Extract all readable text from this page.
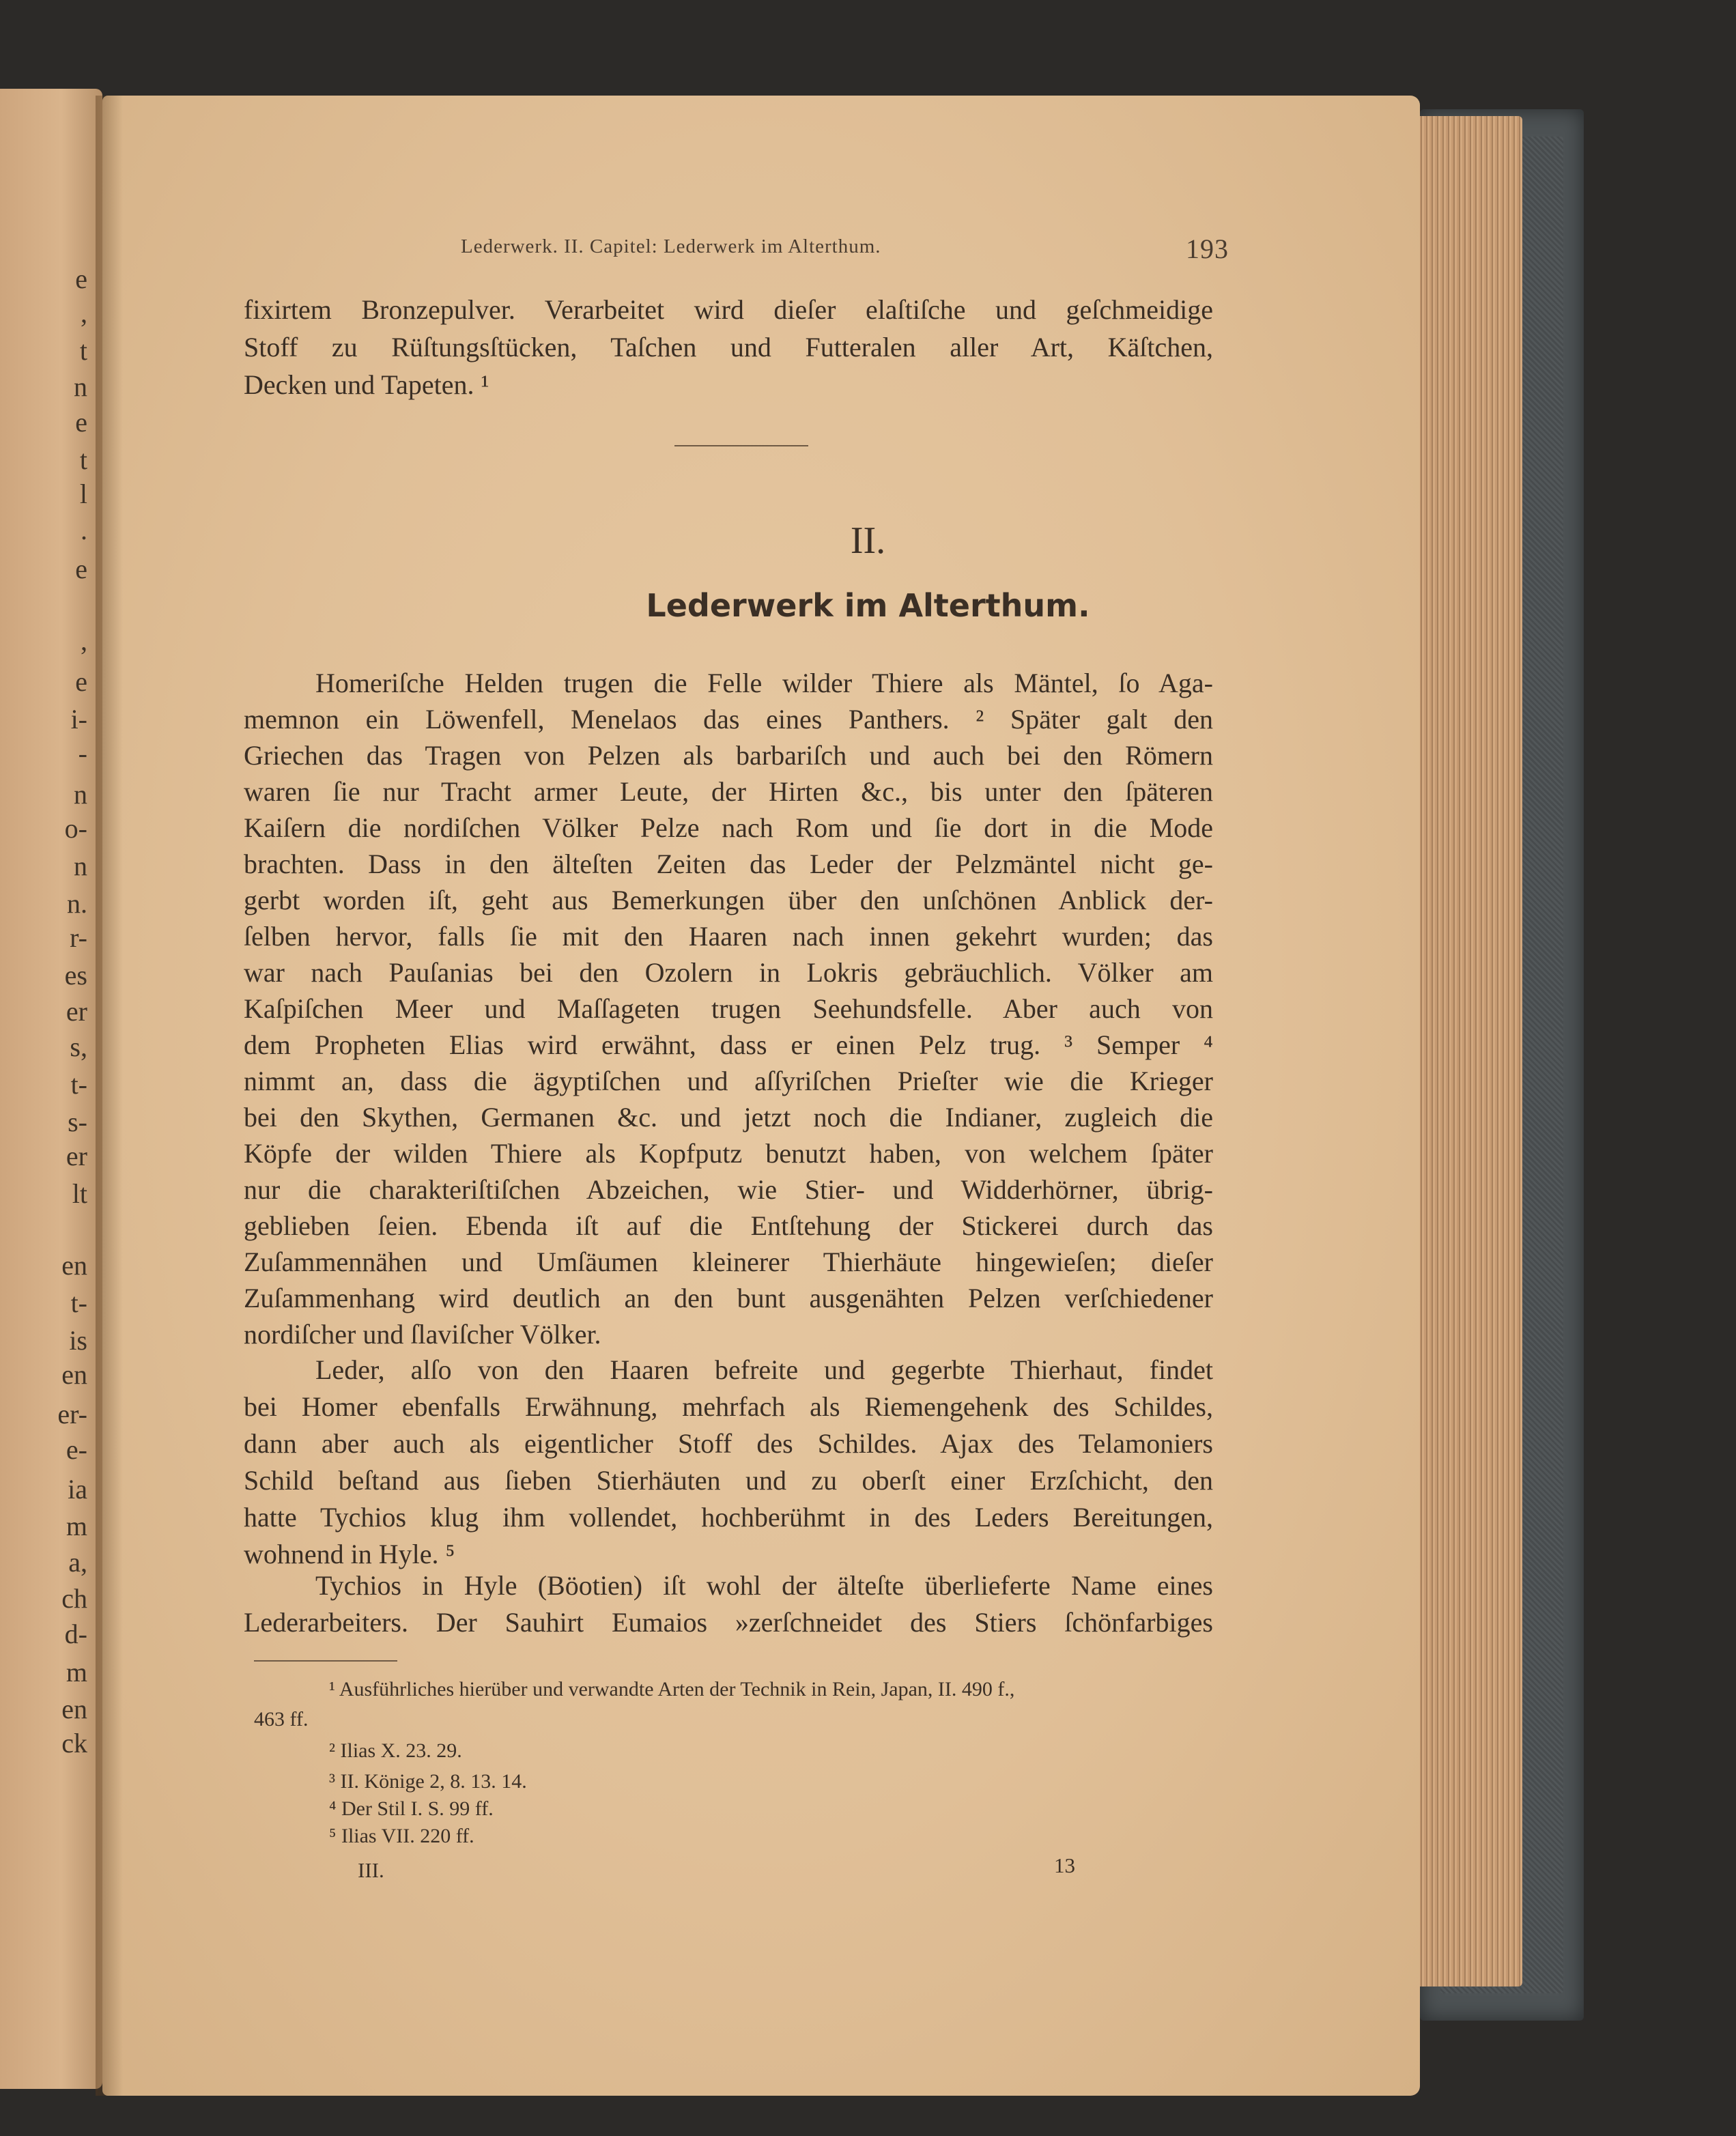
e
,
t
n
e
t
l
.
e
,
e
i-
-
n
o-
n
n.
r-
es
er
s,
t-
s-
er
lt
en
t-
is
en
er-
e-
ia
m
a,
ch
d-
m
en
ck
Lederwerk. II. Capitel: Lederwerk im Alterthum.	193
fixirtem Bronzepulver. Verarbeitet wird dieſer elaſtiſche und geſchmeidige
Stoff zu Rüſtungsſtücken, Taſchen und Futteralen aller Art, Käſtchen,
Decken und Tapeten. ¹
II.
Lederwerk im Alterthum.
Homeriſche Helden trugen die Felle wilder Thiere als Mäntel, ſo Aga-
memnon ein Löwenfell, Menelaos das eines Panthers. ² Später galt den
Griechen das Tragen von Pelzen als barbariſch und auch bei den Römern
waren ſie nur Tracht armer Leute, der Hirten &c., bis unter den ſpäteren
Kaiſern die nordiſchen Völker Pelze nach Rom und ſie dort in die Mode
brachten. Dass in den älteſten Zeiten das Leder der Pelzmäntel nicht ge-
gerbt worden iſt, geht aus Bemerkungen über den unſchönen Anblick der-
ſelben hervor, falls ſie mit den Haaren nach innen gekehrt wurden; das
war nach Pauſanias bei den Ozolern in Lokris gebräuchlich. Völker am
Kaſpiſchen Meer und Maſſageten trugen Seehundsfelle. Aber auch von
dem Propheten Elias wird erwähnt, dass er einen Pelz trug. ³ Semper ⁴
nimmt an, dass die ägyptiſchen und aſſyriſchen Prieſter wie die Krieger
bei den Skythen, Germanen &c. und jetzt noch die Indianer, zugleich die
Köpfe der wilden Thiere als Kopfputz benutzt haben, von welchem ſpäter
nur die charakteriſtiſchen Abzeichen, wie Stier- und Widderhörner, übrig-
geblieben ſeien. Ebenda iſt auf die Entſtehung der Stickerei durch das
Zuſammennähen und Umſäumen kleinerer Thierhäute hingewieſen; dieſer
Zuſammenhang wird deutlich an den bunt ausgenähten Pelzen verſchiedener
nordiſcher und ſlaviſcher Völker.
Leder, alſo von den Haaren befreite und gegerbte Thierhaut, findet
bei Homer ebenfalls Erwähnung, mehrfach als Riemengehenk des Schildes,
dann aber auch als eigentlicher Stoff des Schildes. Ajax des Telamoniers
Schild beſtand aus ſieben Stierhäuten und zu oberſt einer Erzſchicht, den
hatte Tychios klug ihm vollendet, hochberühmt in des Leders Bereitungen,
wohnend in Hyle. ⁵
Tychios in Hyle (Böotien) iſt wohl der älteſte überlieferte Name eines
Lederarbeiters. Der Sauhirt Eumaios »zerſchneidet des Stiers ſchönfarbiges
¹ Ausführliches hierüber und verwandte Arten der Technik in Rein, Japan, II. 490 f.,
463 ff.
² Ilias X. 23. 29.
³ II. Könige 2, 8. 13. 14.
⁴ Der Stil I. S. 99 ff.
⁵ Ilias VII. 220 ff.
III.	13
